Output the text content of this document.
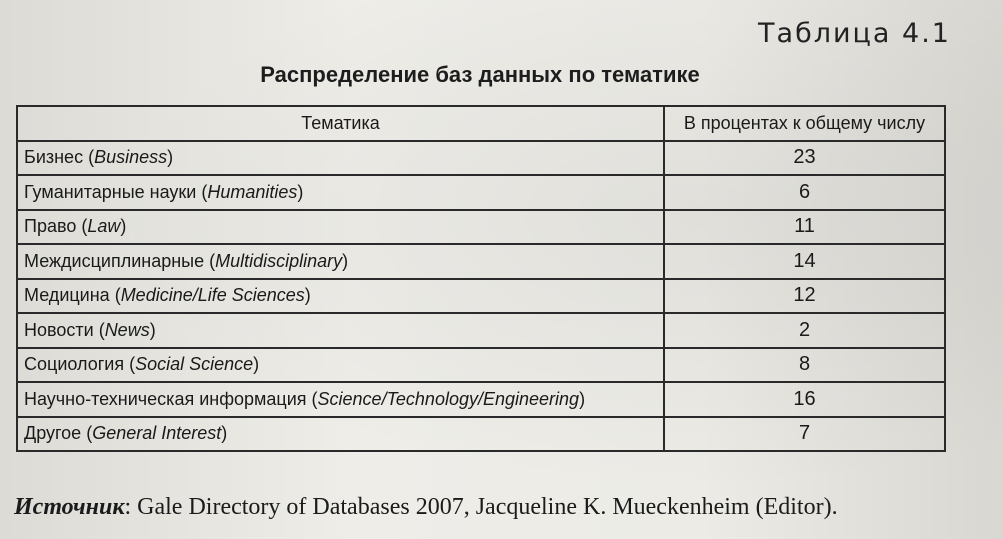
Таблица 4.1
Распределение баз данных по тематике
Тематика	В процентах к общему числу
Бизнес (Business)	23
Гуманитарные науки (Humanities)	6
Право (Law)	11
Междисциплинарные (Multidisciplinary)	14
Медицина (Medicine/Life Sciences)	12
Новости (News)	2
Социология (Social Science)	8
Научно-техническая информация (Science/Technology/Engineering)	16
Другое (General Interest)	7
Источник: Gale Directory of Databases 2007, Jacqueline K. Mueckenheim (Editor).
